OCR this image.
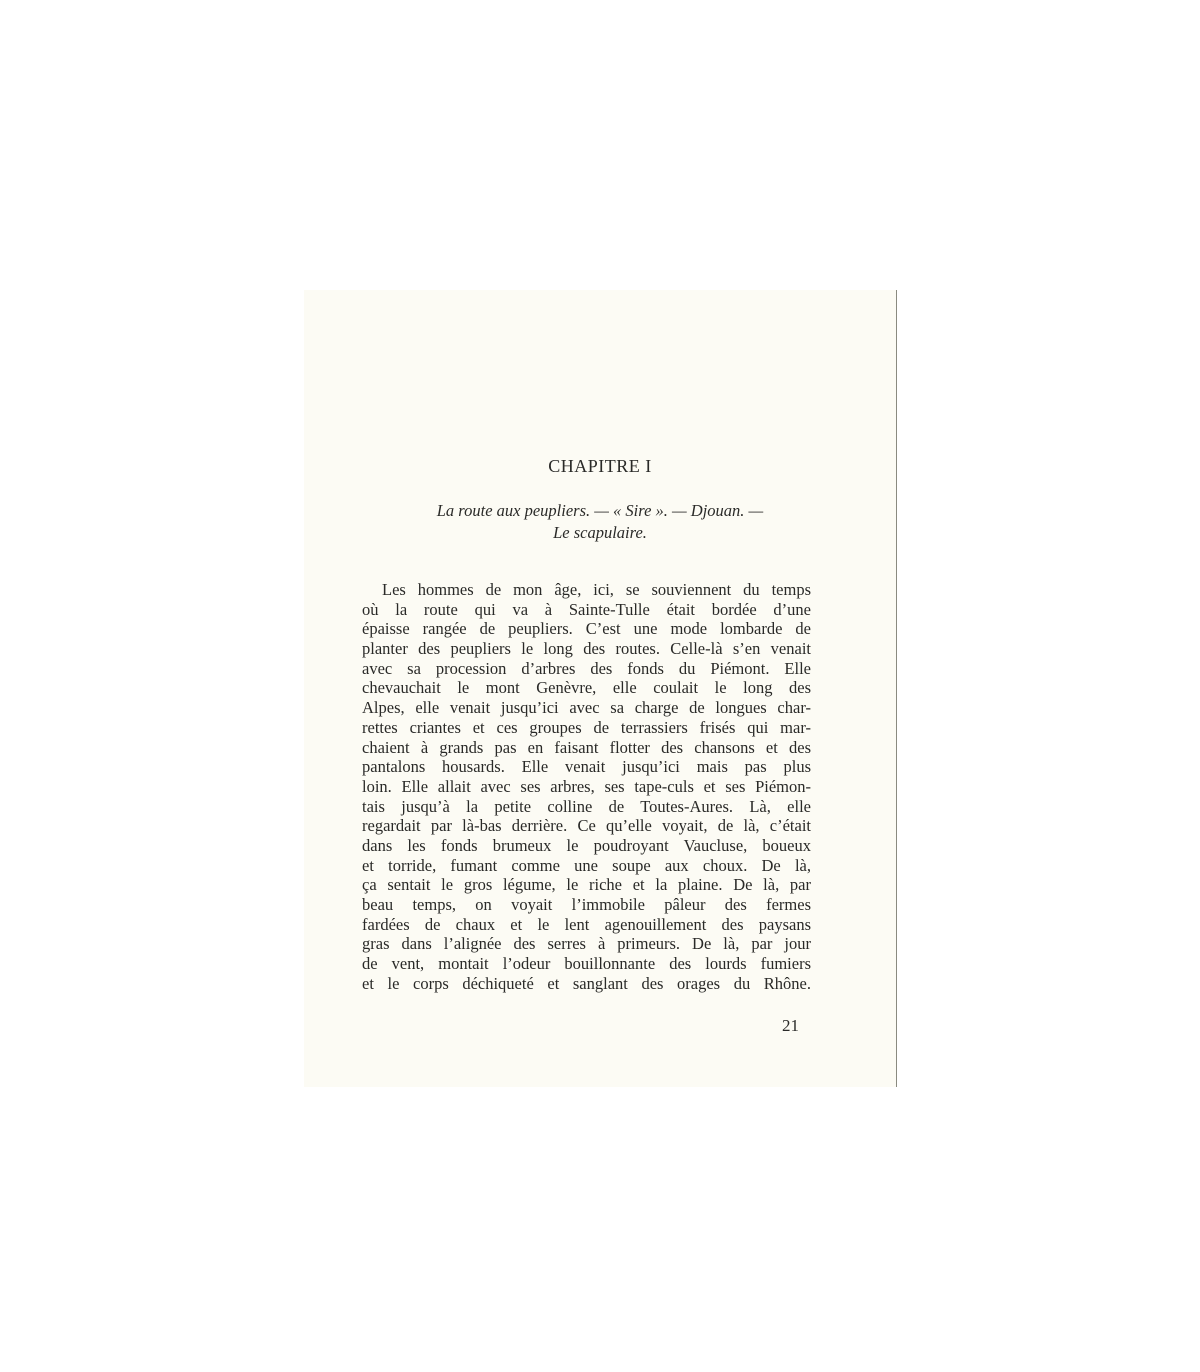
CHAPITRE I
La route aux peupliers. — « Sire ». — Djouan. —
Le scapulaire.
Les hommes de mon âge, ici, se souviennent du temps
où la route qui va à Sainte-Tulle était bordée d’une
épaisse rangée de peupliers. C’est une mode lombarde de
planter des peupliers le long des routes. Celle-là s’en venait
avec sa procession d’arbres des fonds du Piémont. Elle
chevauchait le mont Genèvre, elle coulait le long des
Alpes, elle venait jusqu’ici avec sa charge de longues char-
rettes criantes et ces groupes de terrassiers frisés qui mar-
chaient à grands pas en faisant flotter des chansons et des
pantalons housards. Elle venait jusqu’ici mais pas plus
loin. Elle allait avec ses arbres, ses tape-culs et ses Piémon-
tais jusqu’à la petite colline de Toutes-Aures. Là, elle
regardait par là-bas derrière. Ce qu’elle voyait, de là, c’était
dans les fonds brumeux le poudroyant Vaucluse, boueux
et torride, fumant comme une soupe aux choux. De là,
ça sentait le gros légume, le riche et la plaine. De là, par
beau temps, on voyait l’immobile pâleur des fermes
fardées de chaux et le lent agenouillement des paysans
gras dans l’alignée des serres à primeurs. De là, par jour
de vent, montait l’odeur bouillonnante des lourds fumiers
et le corps déchiqueté et sanglant des orages du Rhône.
21
